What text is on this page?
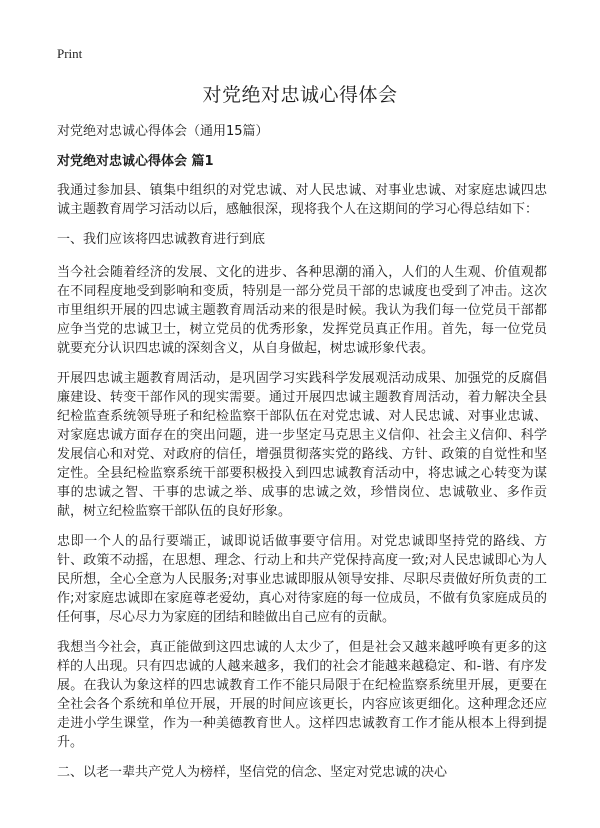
Print
对党绝对忠诚心得体会

对党绝对忠诚心得体会（通用15篇）

对党绝对忠诚心得体会 篇1

我通过参加县、镇集中组织的对党忠诚、对人民忠诚、对事业忠诚、对家庭忠诚四忠诚主题教育周学习活动以后，感触很深，现将我个人在这期间的学习心得总结如下：

一、我们应该将四忠诚教育进行到底

当今社会随着经济的发展、文化的进步、各种思潮的涌入，人们的人生观、价值观都在不同程度地受到影响和变质，特别是一部分党员干部的忠诚度也受到了冲击。这次市里组织开展的四忠诚主题教育周活动来的很是时候。我认为我们每一位党员干部都应争当党的忠诚卫士，树立党员的优秀形象，发挥党员真正作用。首先，每一位党员就要充分认识四忠诚的深刻含义，从自身做起，树忠诚形象代表。

开展四忠诚主题教育周活动，是巩固学习实践科学发展观活动成果、加强党的反腐倡廉建设、转变干部作风的现实需要。通过开展四忠诚主题教育周活动，着力解决全县纪检监查系统领导班子和纪检监察干部队伍在对党忠诚、对人民忠诚、对事业忠诚、对家庭忠诚方面存在的突出问题，进一步坚定马克思主义信仰、社会主义信仰、科学发展信心和对党、对政府的信任，增强贯彻落实党的路线、方针、政策的自觉性和坚定性。全县纪检监察系统干部要积极投入到四忠诚教育活动中，将忠诚之心转变为谋事的忠诚之智、干事的忠诚之举、成事的忠诚之效，珍惜岗位、忠诚敬业、多作贡献，树立纪检监察干部队伍的良好形象。

忠即一个人的品行要端正，诚即说话做事要守信用。对党忠诚即坚持党的路线、方针、政策不动摇，在思想、理念、行动上和共产党保持高度一致;对人民忠诚即心为人民所想，全心全意为人民服务;对事业忠诚即服从领导安排、尽职尽责做好所负责的工作;对家庭忠诚即在家庭尊老爱幼，真心对待家庭的每一位成员，不做有负家庭成员的任何事，尽心尽力为家庭的团结和睦做出自己应有的贡献。

我想当今社会，真正能做到这四忠诚的人太少了，但是社会又越来越呼唤有更多的这样的人出现。只有四忠诚的人越来越多，我们的社会才能越来越稳定、和-谐、有序发展。在我认为象这样的四忠诚教育工作不能只局限于在纪检监察系统里开展，更要在全社会各个系统和单位开展，开展的时间应该更长，内容应该更细化。这种理念还应走进小学生课堂，作为一种美德教育世人。这样四忠诚教育工作才能从根本上得到提升。

二、以老一辈共产党人为榜样，坚信党的信念、坚定对党忠诚的决心
